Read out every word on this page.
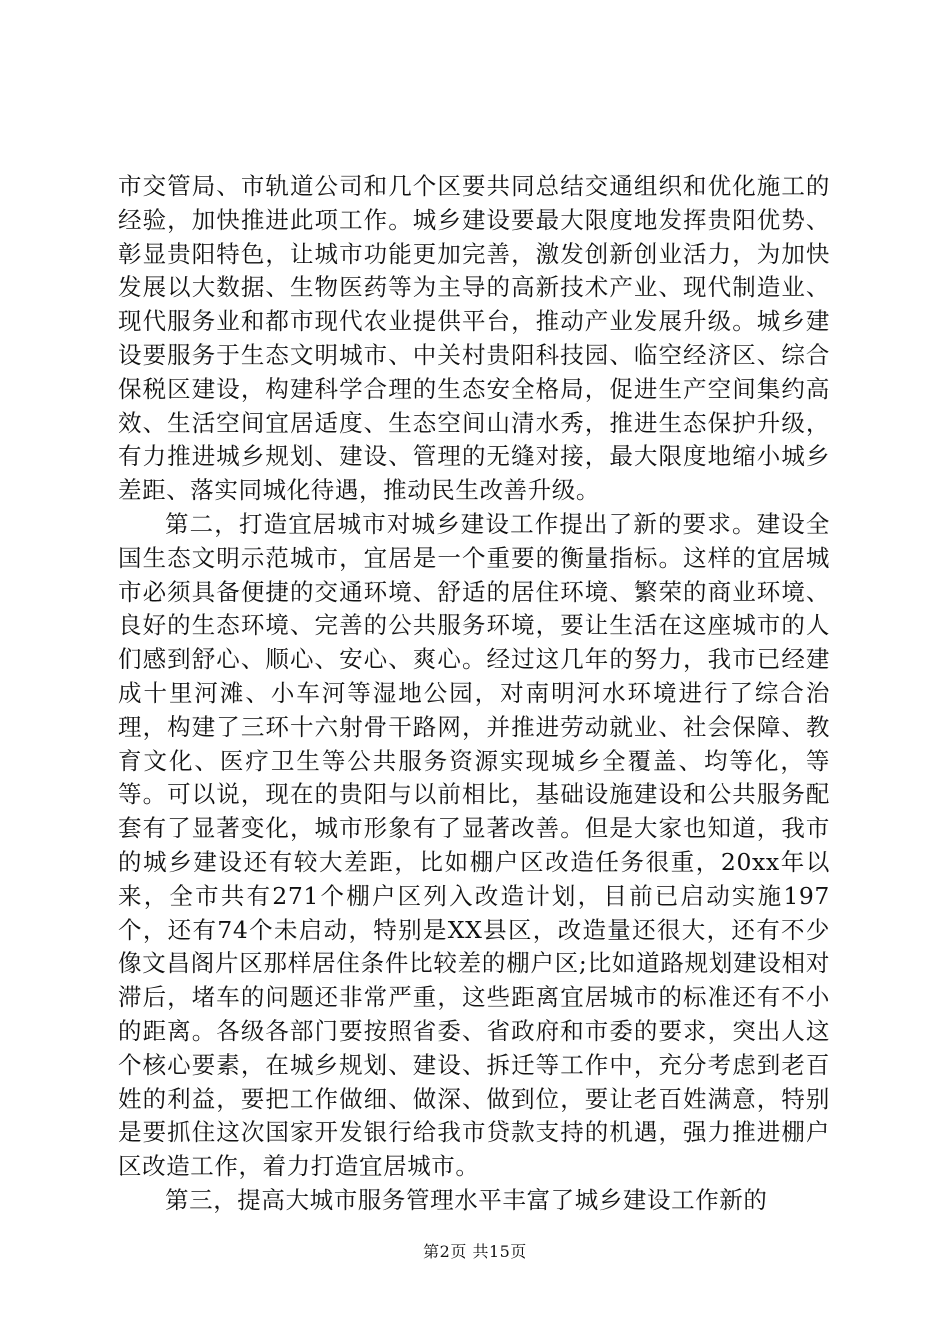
市交管局、市轨道公司和几个区要共同总结交通组织和优化施工的经验，加快推进此项工作。城乡建设要最大限度地发挥贵阳优势、彰显贵阳特色，让城市功能更加完善，激发创新创业活力，为加快发展以大数据、生物医药等为主导的高新技术产业、现代制造业、现代服务业和都市现代农业提供平台，推动产业发展升级。城乡建设要服务于生态文明城市、中关村贵阳科技园、临空经济区、综合保税区建设，构建科学合理的生态安全格局，促进生产空间集约高效、生活空间宜居适度、生态空间山清水秀，推进生态保护升级，有力推进城乡规划、建设、管理的无缝对接，最大限度地缩小城乡差距、落实同城化待遇，推动民生改善升级。

第二，打造宜居城市对城乡建设工作提出了新的要求。建设全国生态文明示范城市，宜居是一个重要的衡量指标。这样的宜居城市必须具备便捷的交通环境、舒适的居住环境、繁荣的商业环境、良好的生态环境、完善的公共服务环境，要让生活在这座城市的人们感到舒心、顺心、安心、爽心。经过这几年的努力，我市已经建成十里河滩、小车河等湿地公园，对南明河水环境进行了综合治理，构建了三环十六射骨干路网，并推进劳动就业、社会保障、教育文化、医疗卫生等公共服务资源实现城乡全覆盖、均等化，等等。可以说，现在的贵阳与以前相比，基础设施建设和公共服务配套有了显著变化，城市形象有了显著改善。但是大家也知道，我市的城乡建设还有较大差距，比如棚户区改造任务很重，20xx年以来，全市共有271个棚户区列入改造计划，目前已启动实施197个，还有74个未启动，特别是XX县区，改造量还很大，还有不少像文昌阁片区那样居住条件比较差的棚户区;比如道路规划建设相对滞后，堵车的问题还非常严重，这些距离宜居城市的标准还有不小的距离。各级各部门要按照省委、省政府和市委的要求，突出人这个核心要素，在城乡规划、建设、拆迁等工作中，充分考虑到老百姓的利益，要把工作做细、做深、做到位，要让老百姓满意，特别是要抓住这次国家开发银行给我市贷款支持的机遇，强力推进棚户区改造工作，着力打造宜居城市。

第三，提高大城市服务管理水平丰富了城乡建设工作新的

第2页 共15页
